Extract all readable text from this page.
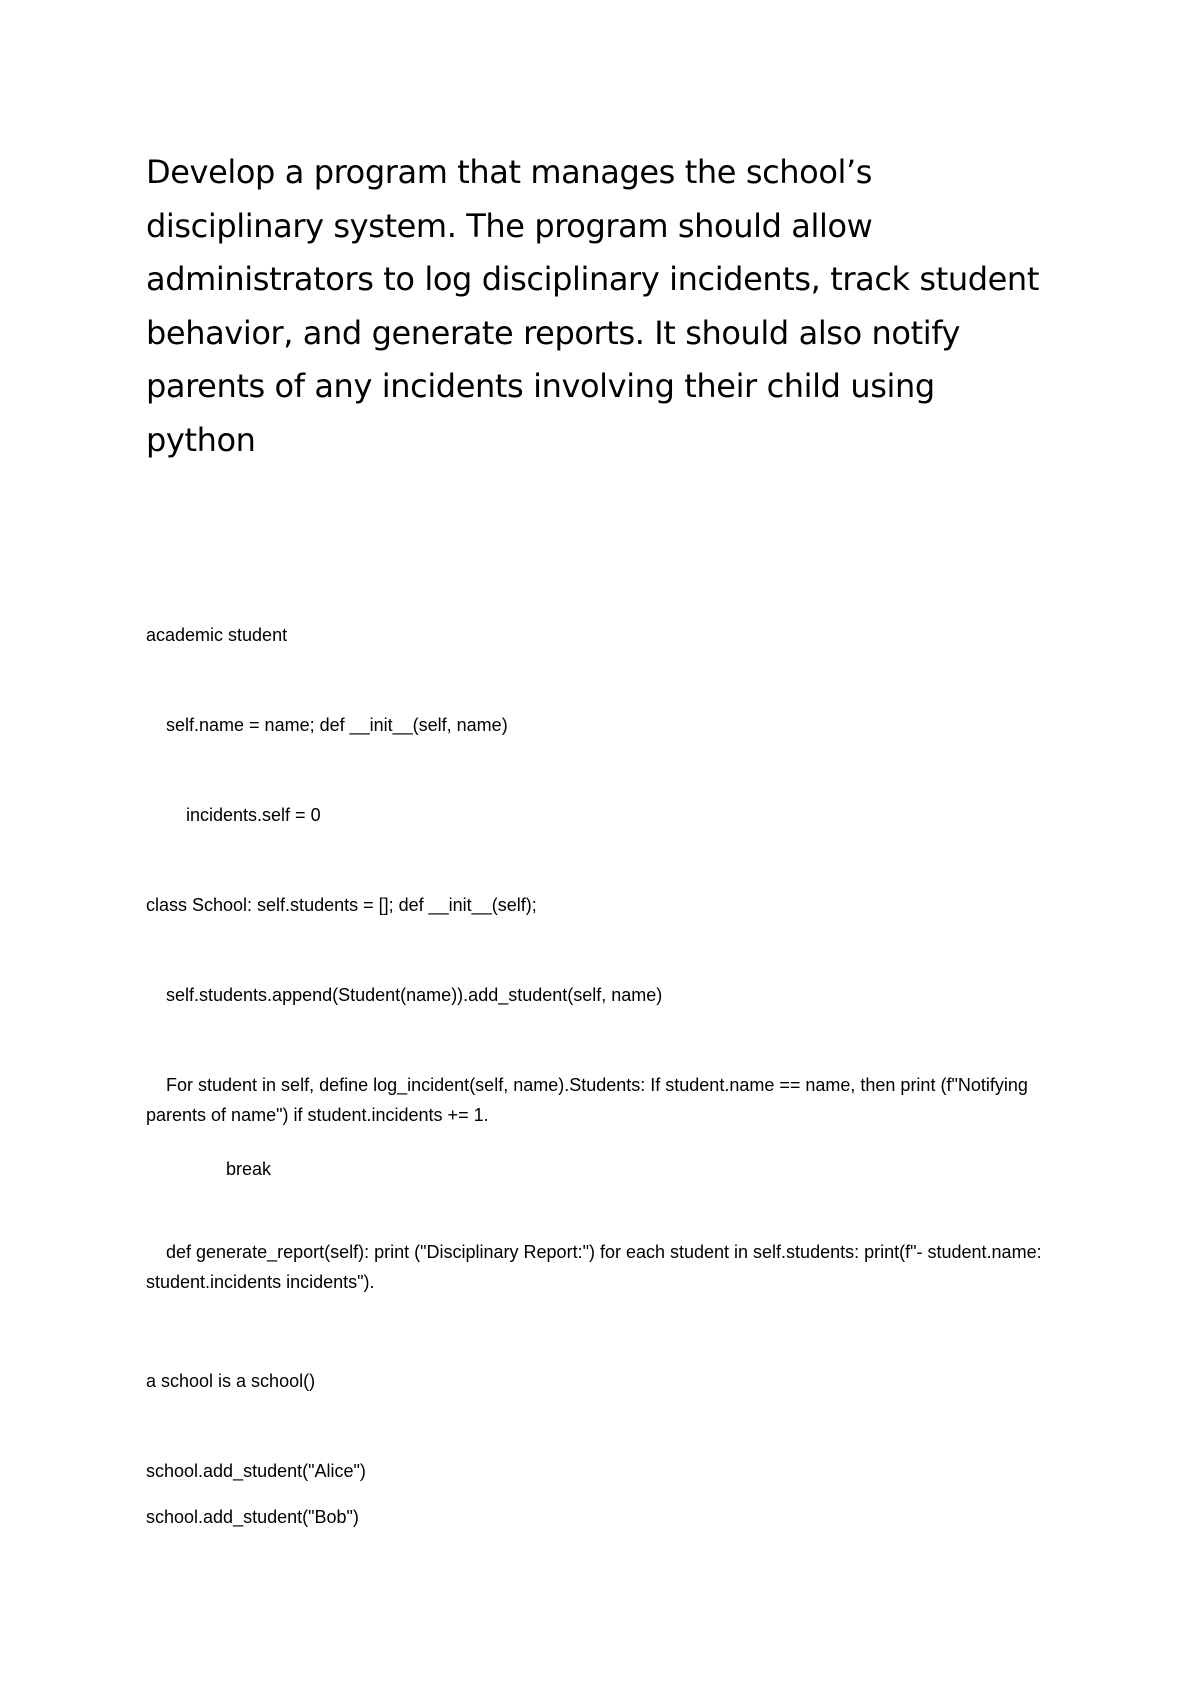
Develop a program that manages the school’s disciplinary system. The program should allow administrators to log disciplinary incidents, track student behavior, and generate reports. It should also notify parents of any incidents involving their child using python

academic student

self.name = name; def __init__(self, name)

incidents.self = 0

class School: self.students = []; def __init__(self);

self.students.append(Student(name)).add_student(self, name)

For student in self, define log_incident(self, name).Students: If student.name == name, then print (f"Notifying parents of name") if student.incidents += 1.

break

def generate_report(self): print ("Disciplinary Report:") for each student in self.students: print(f"- student.name: student.incidents incidents").

a school is a school()

school.add_student("Alice")

school.add_student("Bob")
